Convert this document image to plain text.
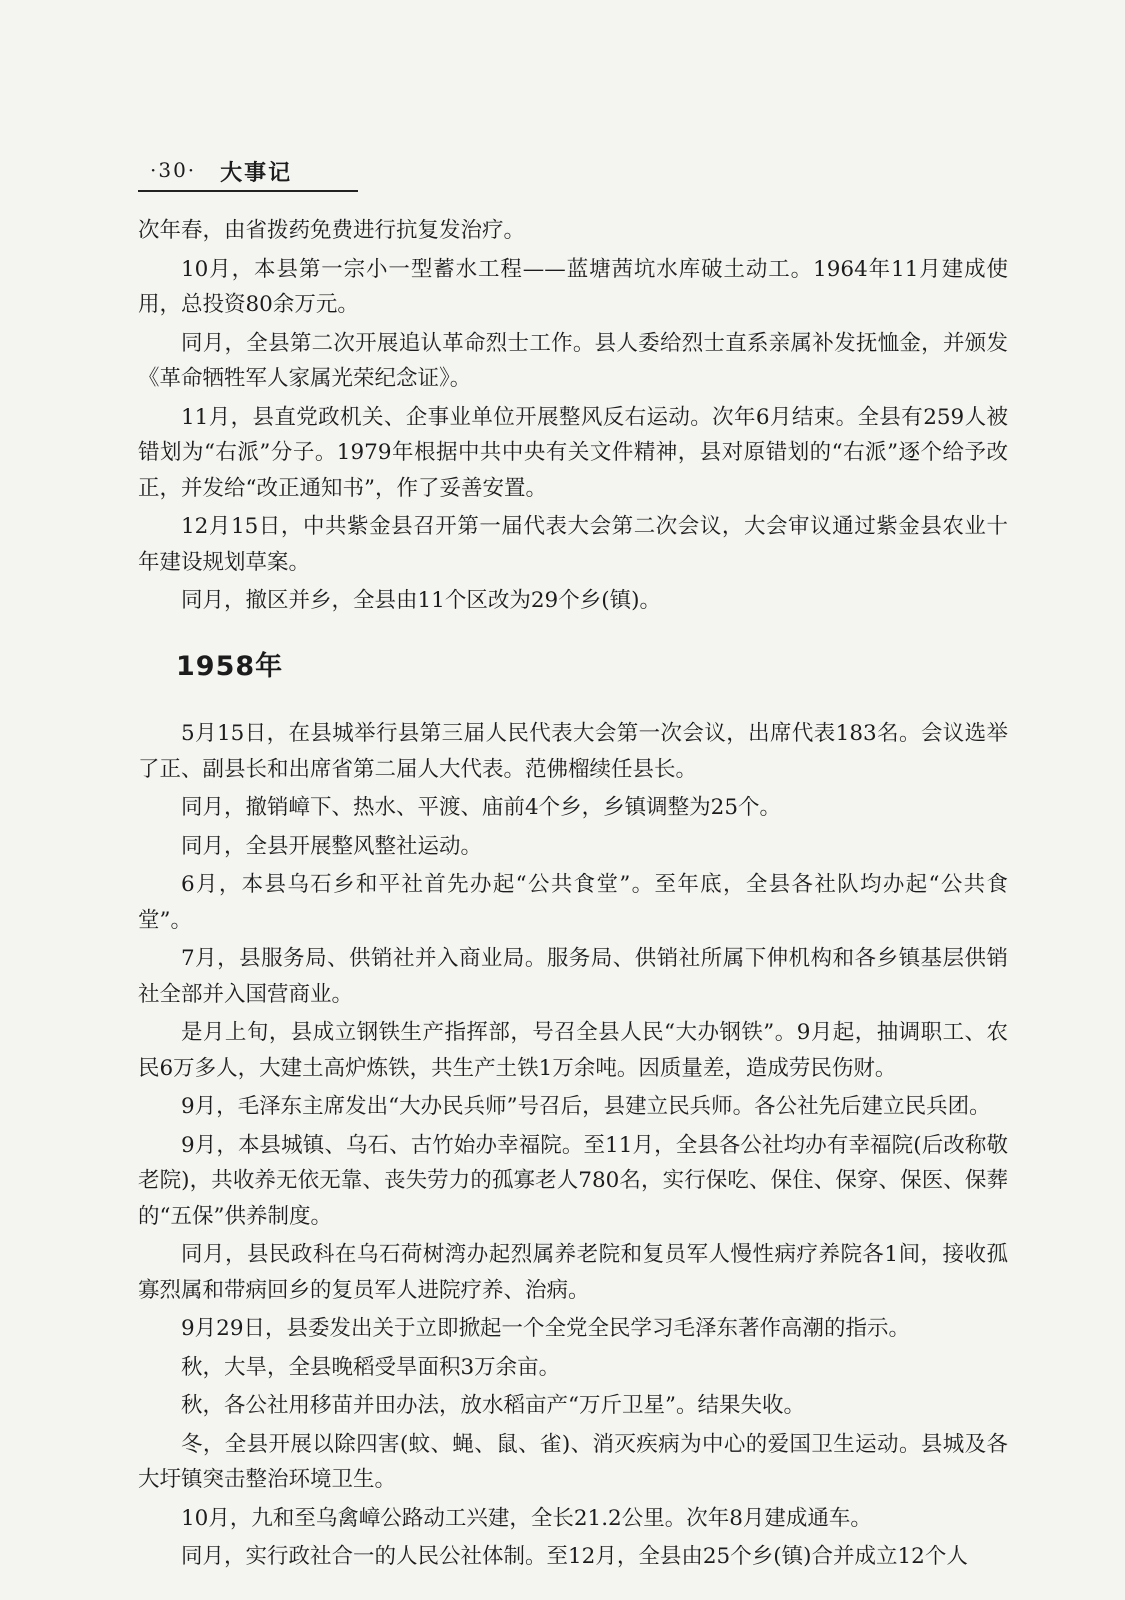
·30· 大事记

次年春，由省拨药免费进行抗复发治疗。

10月，本县第一宗小一型蓄水工程——蓝塘茜坑水库破土动工。1964年11月建成使用，总投资80余万元。

同月，全县第二次开展追认革命烈士工作。县人委给烈士直系亲属补发抚恤金，并颁发《革命牺牲军人家属光荣纪念证》。

11月，县直党政机关、企事业单位开展整风反右运动。次年6月结束。全县有259人被错划为“右派”分子。1979年根据中共中央有关文件精神，县对原错划的“右派”逐个给予改正，并发给“改正通知书”，作了妥善安置。

12月15日，中共紫金县召开第一届代表大会第二次会议，大会审议通过紫金县农业十年建设规划草案。

同月，撤区并乡，全县由11个区改为29个乡(镇)。

1958年

5月15日，在县城举行县第三届人民代表大会第一次会议，出席代表183名。会议选举了正、副县长和出席省第二届人大代表。范佛榴续任县长。

同月，撤销嶂下、热水、平渡、庙前4个乡，乡镇调整为25个。

同月，全县开展整风整社运动。

6月，本县乌石乡和平社首先办起“公共食堂”。至年底，全县各社队均办起“公共食堂”。

7月，县服务局、供销社并入商业局。服务局、供销社所属下伸机构和各乡镇基层供销社全部并入国营商业。

是月上旬，县成立钢铁生产指挥部，号召全县人民“大办钢铁”。9月起，抽调职工、农民6万多人，大建土高炉炼铁，共生产土铁1万余吨。因质量差，造成劳民伤财。

9月，毛泽东主席发出“大办民兵师”号召后，县建立民兵师。各公社先后建立民兵团。

9月，本县城镇、乌石、古竹始办幸福院。至11月，全县各公社均办有幸福院(后改称敬老院)，共收养无依无靠、丧失劳力的孤寡老人780名，实行保吃、保住、保穿、保医、保葬的“五保”供养制度。

同月，县民政科在乌石荷树湾办起烈属养老院和复员军人慢性病疗养院各1间，接收孤寡烈属和带病回乡的复员军人进院疗养、治病。

9月29日，县委发出关于立即掀起一个全党全民学习毛泽东著作高潮的指示。

秋，大旱，全县晚稻受旱面积3万余亩。

秋，各公社用移苗并田办法，放水稻亩产“万斤卫星”。结果失收。

冬，全县开展以除四害(蚊、蝇、鼠、雀)、消灭疾病为中心的爱国卫生运动。县城及各大圩镇突击整治环境卫生。

10月，九和至乌禽嶂公路动工兴建，全长21.2公里。次年8月建成通车。

同月，实行政社合一的人民公社体制。至12月，全县由25个乡(镇)合并成立12个人
